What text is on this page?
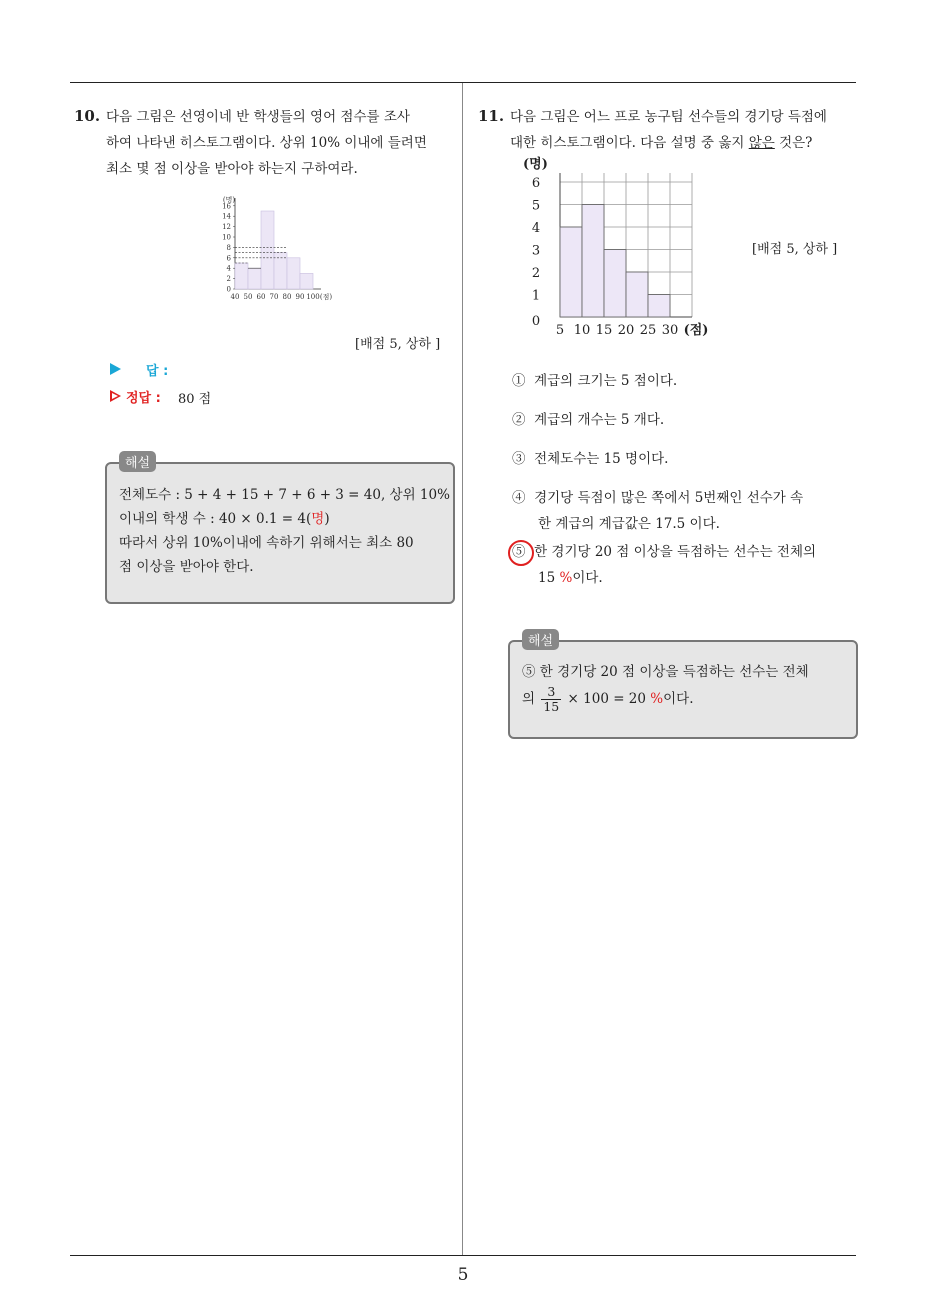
5
10. 다음 그림은 선영이네 반 학생들의 영어 점수를 조사
하여 나타낸 히스토그램이다. 상위 10% 이내에 들려면
최소 몇 점 이상을 받아야 하는지 구하여라.
0
2
4
6
8
10
12
14
16
(명)
40 50 60 70 80 90 100 (점)
[배점 5, 상하 ]
답 :
정답 : 80 점
해설
전체도수 : 5 + 4 + 15 + 7 + 6 + 3 = 40, 상위 10%
이내의 학생 수 : 40 × 0.1 = 4(명)
따라서 상위 10%이내에 속하기 위해서는 최소 80
점 이상을 받아야 한다.
11. 다음 그림은 어느 프로 농구팀 선수들의 경기당 득점에
대한 히스토그램이다. 다음 설명 중 옳지 않은 것은?
0
1
2
3
4
5
6
(명)
5 10 15 20 25 30 (점)
[배점 5, 상하 ]
① 계급의 크기는 5 점이다.
② 계급의 개수는 5 개다.
③ 전체도수는 15 명이다.
④ 경기당 득점이 많은 쪽에서 5번째인 선수가 속
한 계급의 계급값은 17.5 이다.
⑤ 한 경기당 20 점 이상을 득점하는 선수는 전체의
15 %이다.
해설
⑤ 한 경기당 20 점 이상을 득점하는 선수는 전체
의 $\frac{3}{15} \times 100 = 20$ %이다.
